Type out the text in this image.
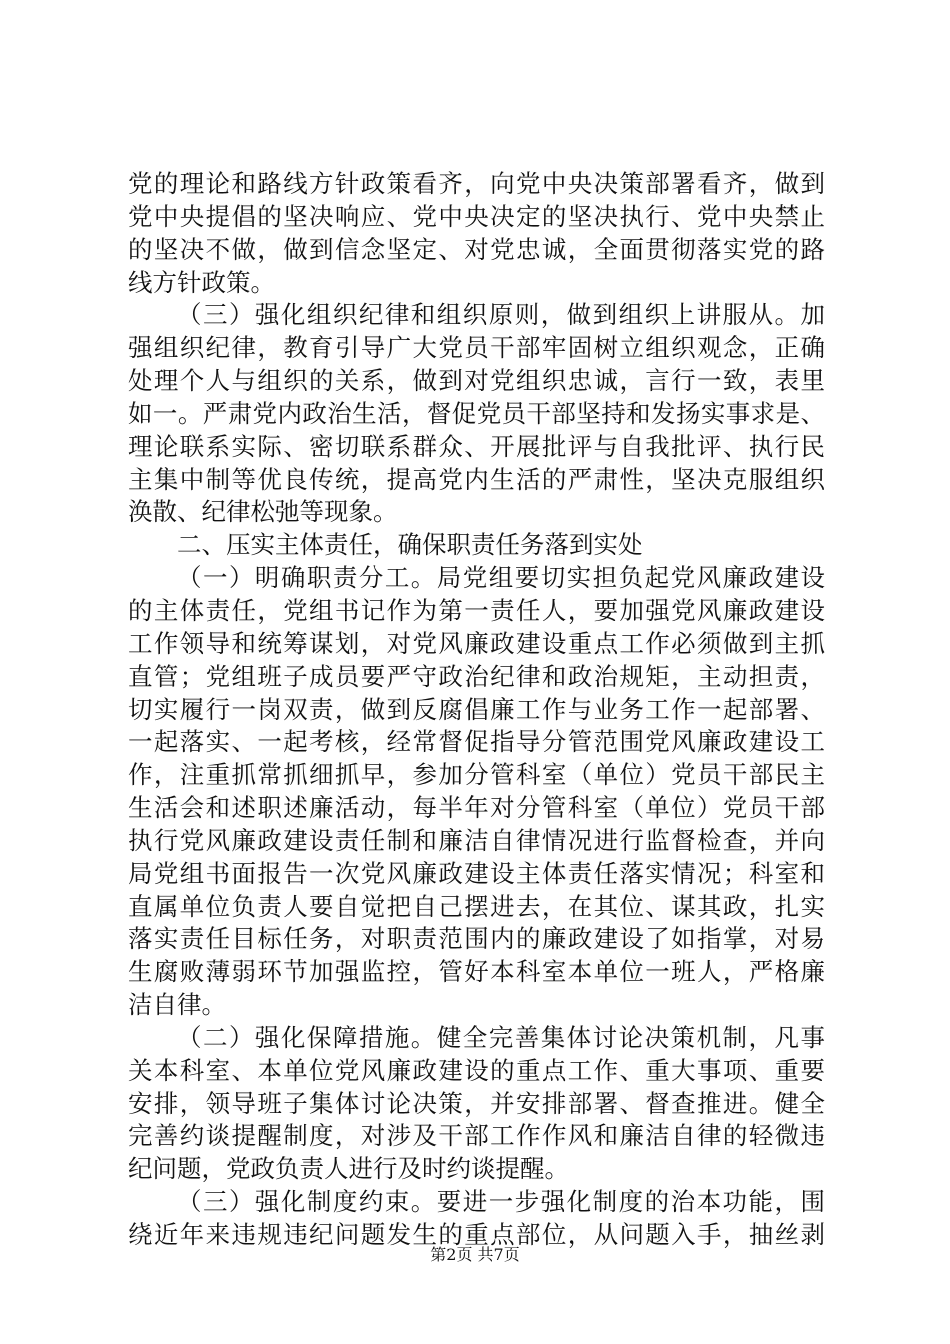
党的理论和路线方针政策看齐，向党中央决策部署看齐，做到
党中央提倡的坚决响应、党中央决定的坚决执行、党中央禁止
的坚决不做，做到信念坚定、对党忠诚，全面贯彻落实党的路
线方针政策。
（三）强化组织纪律和组织原则，做到组织上讲服从。加
强组织纪律，教育引导广大党员干部牢固树立组织观念，正确
处理个人与组织的关系，做到对党组织忠诚，言行一致，表里
如一。严肃党内政治生活，督促党员干部坚持和发扬实事求是、
理论联系实际、密切联系群众、开展批评与自我批评、执行民
主集中制等优良传统，提高党内生活的严肃性，坚决克服组织
涣散、纪律松弛等现象。
二、压实主体责任，确保职责任务落到实处
（一）明确职责分工。局党组要切实担负起党风廉政建设
的主体责任，党组书记作为第一责任人，要加强党风廉政建设
工作领导和统筹谋划，对党风廉政建设重点工作必须做到主抓
直管；党组班子成员要严守政治纪律和政治规矩，主动担责，
切实履行一岗双责，做到反腐倡廉工作与业务工作一起部署、
一起落实、一起考核，经常督促指导分管范围党风廉政建设工
作，注重抓常抓细抓早，参加分管科室（单位）党员干部民主
生活会和述职述廉活动，每半年对分管科室（单位）党员干部
执行党风廉政建设责任制和廉洁自律情况进行监督检查，并向
局党组书面报告一次党风廉政建设主体责任落实情况；科室和
直属单位负责人要自觉把自己摆进去，在其位、谋其政，扎实
落实责任目标任务，对职责范围内的廉政建设了如指掌，对易
生腐败薄弱环节加强监控，管好本科室本单位一班人，严格廉
洁自律。
（二）强化保障措施。健全完善集体讨论决策机制，凡事
关本科室、本单位党风廉政建设的重点工作、重大事项、重要
安排，领导班子集体讨论决策，并安排部署、督查推进。健全
完善约谈提醒制度，对涉及干部工作作风和廉洁自律的轻微违
纪问题，党政负责人进行及时约谈提醒。
（三）强化制度约束。要进一步强化制度的治本功能，围
绕近年来违规违纪问题发生的重点部位，从问题入手，抽丝剥
第2页 共7页
